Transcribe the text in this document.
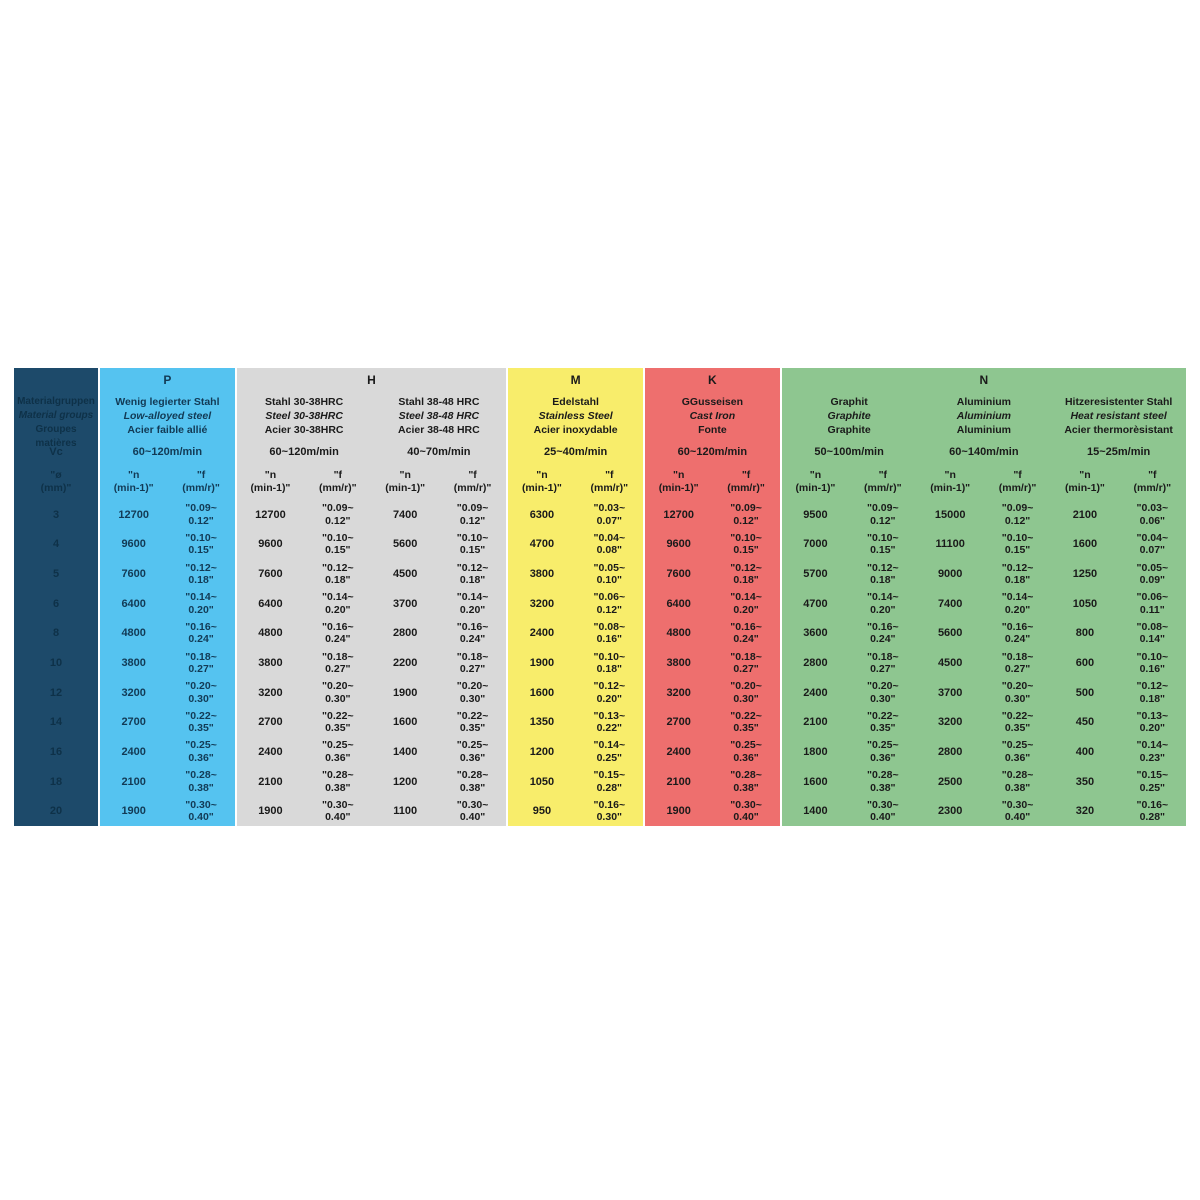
Materialgruppen
Material groups
Groupes matières
Vc
"ø
(mm)"
3
4
5
6
8
10
12
14
16
18
20
P
Wenig legierter Stahl
Low-alloyed steel
Acier faible allié
60~120m/min
"n
(min-1)"
"f
(mm/r)"
12700
"0.09~
0.12"
9600
"0.10~
0.15"
7600
"0.12~
0.18"
6400
"0.14~
0.20"
4800
"0.16~
0.24"
3800
"0.18~
0.27"
3200
"0.20~
0.30"
2700
"0.22~
0.35"
2400
"0.25~
0.36"
2100
"0.28~
0.38"
1900
"0.30~
0.40"
H
Stahl 30-38HRC
Steel 30-38HRC
Acier 30-38HRC
60~120m/min
"n
(min-1)"
"f
(mm/r)"
12700
"0.09~
0.12"
9600
"0.10~
0.15"
7600
"0.12~
0.18"
6400
"0.14~
0.20"
4800
"0.16~
0.24"
3800
"0.18~
0.27"
3200
"0.20~
0.30"
2700
"0.22~
0.35"
2400
"0.25~
0.36"
2100
"0.28~
0.38"
1900
"0.30~
0.40"
Stahl 38-48 HRC
Steel 38-48 HRC
Acier 38-48 HRC
40~70m/min
"n
(min-1)"
"f
(mm/r)"
7400
"0.09~
0.12"
5600
"0.10~
0.15"
4500
"0.12~
0.18"
3700
"0.14~
0.20"
2800
"0.16~
0.24"
2200
"0.18~
0.27"
1900
"0.20~
0.30"
1600
"0.22~
0.35"
1400
"0.25~
0.36"
1200
"0.28~
0.38"
1100
"0.30~
0.40"
M
Edelstahl
Stainless Steel
Acier inoxydable
25~40m/min
"n
(min-1)"
"f
(mm/r)"
6300
"0.03~
0.07"
4700
"0.04~
0.08"
3800
"0.05~
0.10"
3200
"0.06~
0.12"
2400
"0.08~
0.16"
1900
"0.10~
0.18"
1600
"0.12~
0.20"
1350
"0.13~
0.22"
1200
"0.14~
0.25"
1050
"0.15~
0.28"
950
"0.16~
0.30"
K
GGusseisen
Cast Iron
Fonte
60~120m/min
"n
(min-1)"
"f
(mm/r)"
12700
"0.09~
0.12"
9600
"0.10~
0.15"
7600
"0.12~
0.18"
6400
"0.14~
0.20"
4800
"0.16~
0.24"
3800
"0.18~
0.27"
3200
"0.20~
0.30"
2700
"0.22~
0.35"
2400
"0.25~
0.36"
2100
"0.28~
0.38"
1900
"0.30~
0.40"
N
Graphit
Graphite
Graphite
50~100m/min
"n
(min-1)"
"f
(mm/r)"
9500
"0.09~
0.12"
7000
"0.10~
0.15"
5700
"0.12~
0.18"
4700
"0.14~
0.20"
3600
"0.16~
0.24"
2800
"0.18~
0.27"
2400
"0.20~
0.30"
2100
"0.22~
0.35"
1800
"0.25~
0.36"
1600
"0.28~
0.38"
1400
"0.30~
0.40"
Aluminium
Aluminium
Aluminium
60~140m/min
"n
(min-1)"
"f
(mm/r)"
15000
"0.09~
0.12"
11100
"0.10~
0.15"
9000
"0.12~
0.18"
7400
"0.14~
0.20"
5600
"0.16~
0.24"
4500
"0.18~
0.27"
3700
"0.20~
0.30"
3200
"0.22~
0.35"
2800
"0.25~
0.36"
2500
"0.28~
0.38"
2300
"0.30~
0.40"
Hitzeresistenter Stahl
Heat resistant steel
Acier thermorèsistant
15~25m/min
"n
(min-1)"
"f
(mm/r)"
2100
"0.03~
0.06"
1600
"0.04~
0.07"
1250
"0.05~
0.09"
1050
"0.06~
0.11"
800
"0.08~
0.14"
600
"0.10~
0.16"
500
"0.12~
0.18"
450
"0.13~
0.20"
400
"0.14~
0.23"
350
"0.15~
0.25"
320
"0.16~
0.28"
